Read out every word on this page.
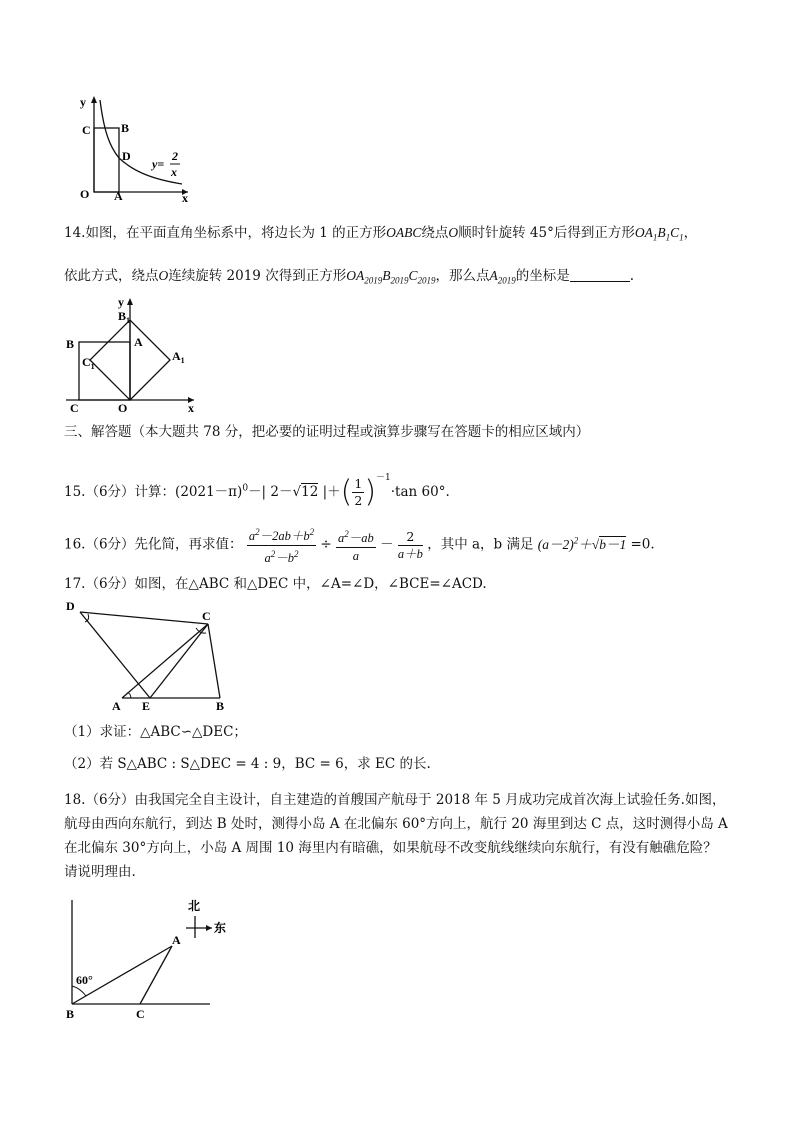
y
x
O A
B
C
D
y=
2
x
14.如图，在平面直角坐标系中，将边长为 1 的正方形OABC绕点O顺时针旋转 45°后得到正方形$OA_1B_1C_1$，
依此方式，绕点O连续旋转 2019 次得到正方形$OA_{2019}B_{2019}C_{2019}$，那么点$A_{2019}$的坐标是	.
y
x
O
C
B	A
$B_1$
$A_1$
$C_1$
三、解答题（本大题共 78 分，把必要的证明过程或演算步骤写在答题卡的相应区域内）
15.（6分）计算：$(2021-\pi)^0-|$ 2－√12 |＋( $\frac{1}{2} )^{-1}\cdot\tan$ 60°.
16.（6分）先化简，再求值： $\frac{a^2-2ab+b^2}{a^2-b^2} \div \frac{a^2-ab}{a} - \frac{2}{a+b}$ ，其中 a，b 满足 $(a-2)^2+√b-1 =0$.
17.（6分）如图，在△ABC 和△DEC 中，∠A=∠D，∠BCE=∠ACD.
D
C
A E	B
（1）求证：△ABC∽△DEC；
（2）若 S△ABC : S△DEC = 4 : 9，BC = 6，求 EC 的长.
18.（6分）由我国完全自主设计，自主建造的首艘国产航母于 2018 年 5 月成功完成首次海上试验任务.如图，
航母由西向东航行，到达 B 处时，测得小岛 A 在北偏东 60°方向上，航行 20 海里到达 C 点，这时测得小岛 A
在北偏东 30°方向上，小岛 A 周围 10 海里内有暗礁，如果航母不改变航线继续向东航行，有没有触礁危险？
请说明理由.
北
东
A
B	C
60°
